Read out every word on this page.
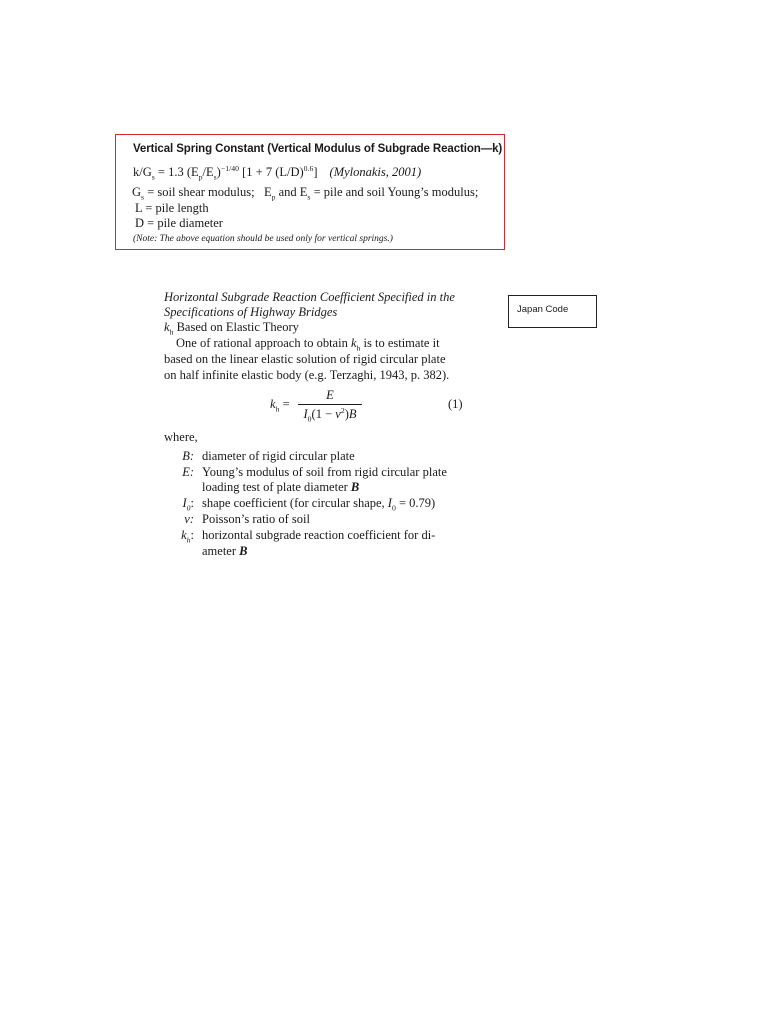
Vertical Spring Constant (Vertical Modulus of Subgrade Reaction—k)
$k/G_s = 1.3$ $(E_p/E_s)^{-1/40}$ [1 + 7 $(L/D)^{0.6}$] (Mylonakis, 2001)
$G_s$ = soil shear modulus; $E_p$ and $E_s$ = pile and soil Young’s modulus;
L = pile length
D = pile diameter
(Note: The above equation should be used only for vertical springs.)
Japan Code
Horizontal Subgrade Reaction Coefficient Specified in the
Specifications of Highway Bridges
$k_h$ Based on Elastic Theory
One of rational approach to obtain $k_h$ is to estimate it
based on the linear elastic solution of rigid circular plate
on half infinite elastic body (e.g. Terzaghi, 1943, p. 382).
$k_h$ =
E
$I_0(1 - \nu^2)B$
(1)
where,
B: diameter of rigid circular plate
E: Young’s modulus of soil from rigid circular plate
loading test of plate diameter B
$I_0$: shape coefficient (for circular shape, $I_0 = 0.79$)
ν: Poisson’s ratio of soil
$k_h$: horizontal subgrade reaction coefficient for di-
ameter B
